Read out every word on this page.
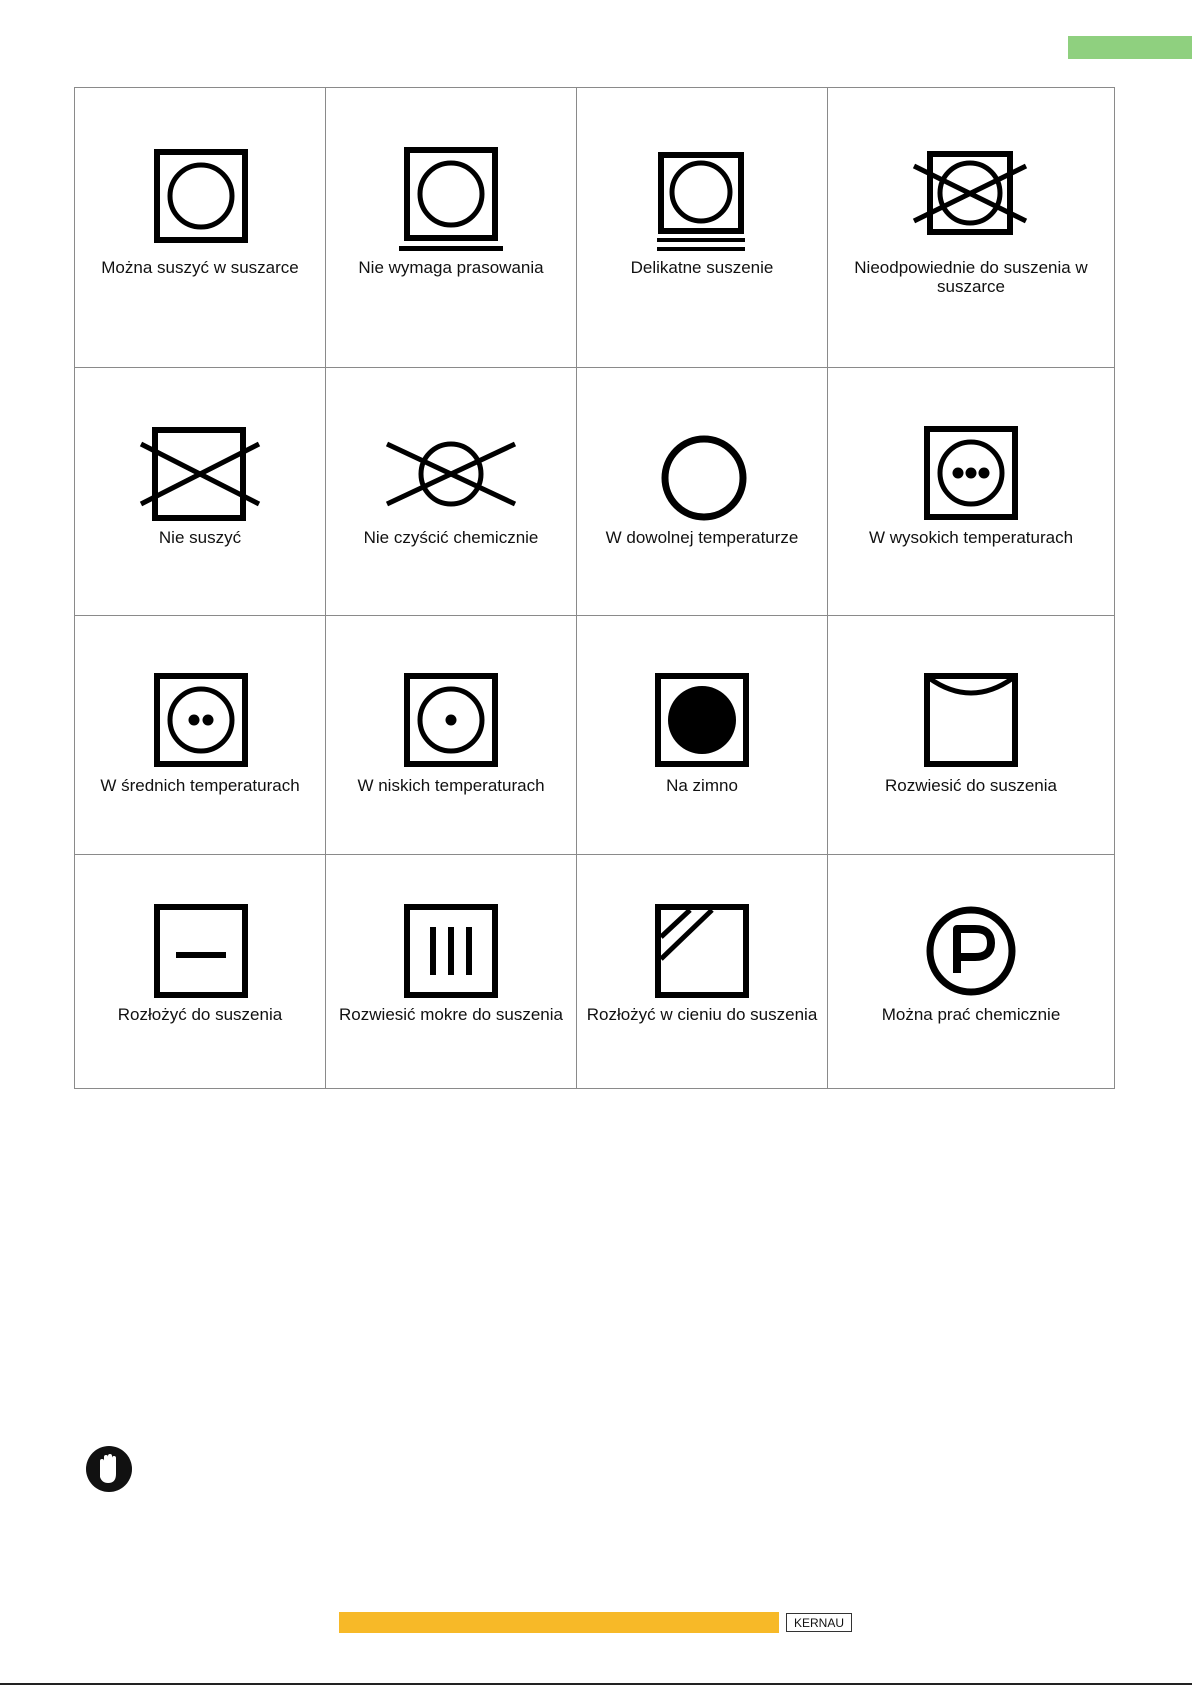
Można suszyć w suszarce	Nie wymaga prasowania	Delikatne suszenie	Nieodpowiednie do suszenia w suszarce

Nie suszyć	Nie czyścić chemicznie	W dowolnej temperaturze	W wysokich temperaturach

W średnich temperaturach	W niskich temperaturach	Na zimno	Rozwiesić do suszenia

Rozłożyć do suszenia	Rozwiesić mokre do suszenia	Rozłożyć w cieniu do suszenia	Można prać chemicznie
KERNAU
